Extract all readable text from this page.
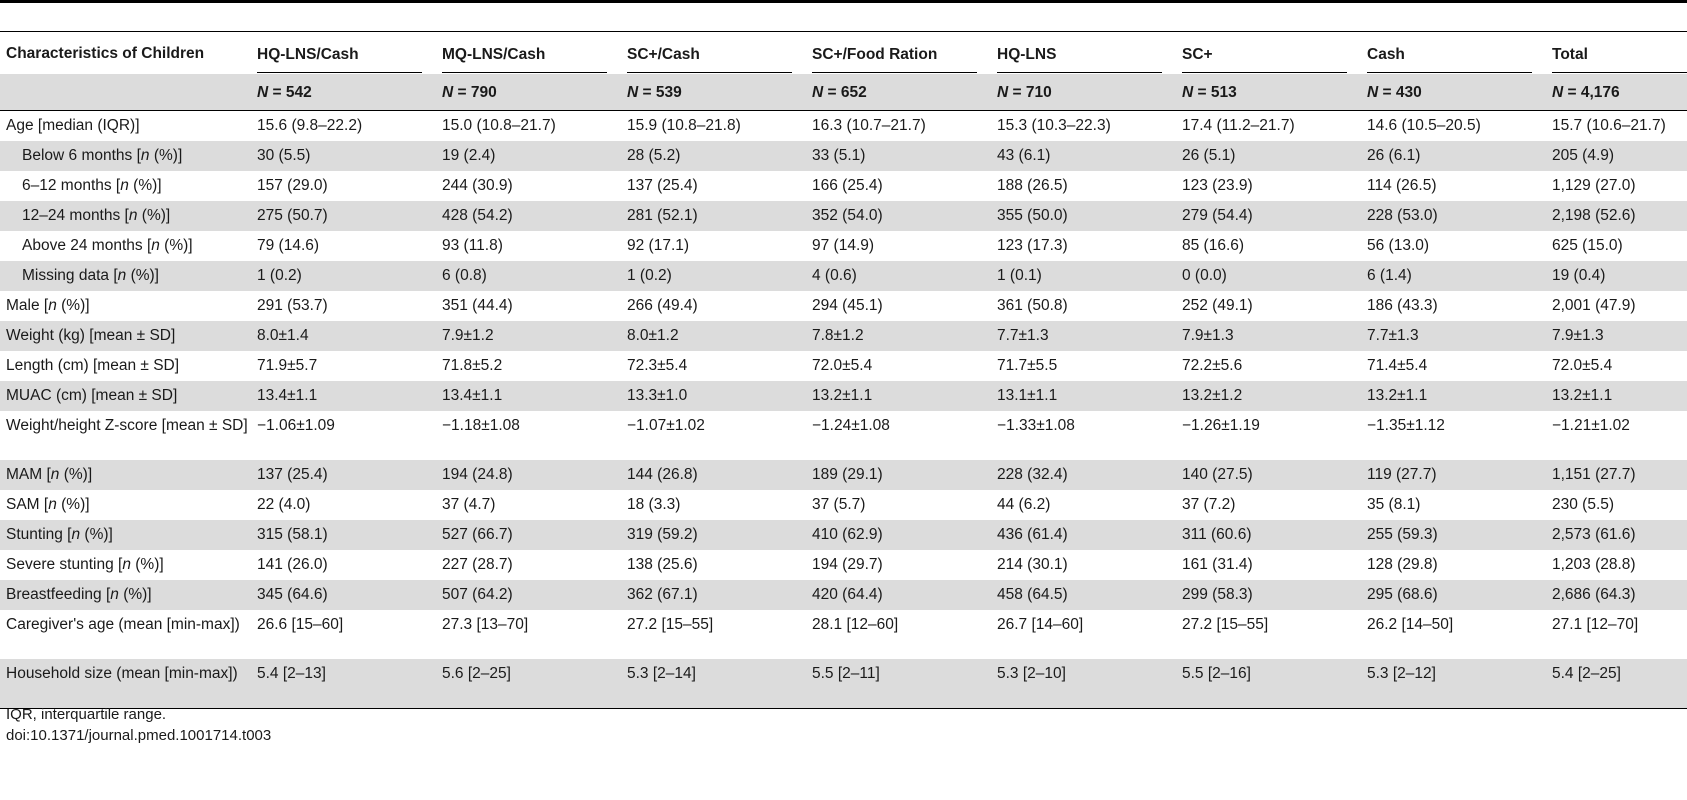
Characteristics of Children	HQ-LNS/Cash	MQ-LNS/Cash	SC+/Cash	SC+/Food Ration	HQ-LNS	SC+	Cash	Total

	N = 542	N = 790	N = 539	N = 652	N = 710	N = 513	N = 430	N = 4,176
Age [median (IQR)]	15.6 (9.8–22.2)	15.0 (10.8–21.7)	15.9 (10.8–21.8)	16.3 (10.7–21.7)	15.3 (10.3–22.3)	17.4 (11.2–21.7)	14.6 (10.5–20.5)	15.7 (10.6–21.7)
Below 6 months [n (%)]	30 (5.5)	19 (2.4)	28 (5.2)	33 (5.1)	43 (6.1)	26 (5.1)	26 (6.1)	205 (4.9)
6–12 months [n (%)]	157 (29.0)	244 (30.9)	137 (25.4)	166 (25.4)	188 (26.5)	123 (23.9)	114 (26.5)	1,129 (27.0)
12–24 months [n (%)]	275 (50.7)	428 (54.2)	281 (52.1)	352 (54.0)	355 (50.0)	279 (54.4)	228 (53.0)	2,198 (52.6)
Above 24 months [n (%)]	79 (14.6)	93 (11.8)	92 (17.1)	97 (14.9)	123 (17.3)	85 (16.6)	56 (13.0)	625 (15.0)
Missing data [n (%)]	1 (0.2)	6 (0.8)	1 (0.2)	4 (0.6)	1 (0.1)	0 (0.0)	6 (1.4)	19 (0.4)
Male [n (%)]	291 (53.7)	351 (44.4)	266 (49.4)	294 (45.1)	361 (50.8)	252 (49.1)	186 (43.3)	2,001 (47.9)
Weight (kg) [mean ± SD]	8.0±1.4	7.9±1.2	8.0±1.2	7.8±1.2	7.7±1.3	7.9±1.3	7.7±1.3	7.9±1.3
Length (cm) [mean ± SD]	71.9±5.7	71.8±5.2	72.3±5.4	72.0±5.4	71.7±5.5	72.2±5.6	71.4±5.4	72.0±5.4
MUAC (cm) [mean ± SD]	13.4±1.1	13.4±1.1	13.3±1.0	13.2±1.1	13.1±1.1	13.2±1.2	13.2±1.1	13.2±1.1
Weight/height Z-score [mean ± SD]	−1.06±1.09	−1.18±1.08	−1.07±1.02	−1.24±1.08	−1.33±1.08	−1.26±1.19	−1.35±1.12	−1.21±1.02
MAM [n (%)]	137 (25.4)	194 (24.8)	144 (26.8)	189 (29.1)	228 (32.4)	140 (27.5)	119 (27.7)	1,151 (27.7)
SAM [n (%)]	22 (4.0)	37 (4.7)	18 (3.3)	37 (5.7)	44 (6.2)	37 (7.2)	35 (8.1)	230 (5.5)
Stunting [n (%)]	315 (58.1)	527 (66.7)	319 (59.2)	410 (62.9)	436 (61.4)	311 (60.6)	255 (59.3)	2,573 (61.6)
Severe stunting [n (%)]	141 (26.0)	227 (28.7)	138 (25.6)	194 (29.7)	214 (30.1)	161 (31.4)	128 (29.8)	1,203 (28.8)
Breastfeeding [n (%)]	345 (64.6)	507 (64.2)	362 (67.1)	420 (64.4)	458 (64.5)	299 (58.3)	295 (68.6)	2,686 (64.3)
Caregiver's age (mean [min-max])	26.6 [15–60]	27.3 [13–70]	27.2 [15–55]	28.1 [12–60]	26.7 [14–60]	27.2 [15–55]	26.2 [14–50]	27.1 [12–70]
Household size (mean [min-max])	5.4 [2–13]	5.6 [2–25]	5.3 [2–14]	5.5 [2–11]	5.3 [2–10]	5.5 [2–16]	5.3 [2–12]	5.4 [2–25]
IQR, interquartile range.
doi:10.1371/journal.pmed.1001714.t003
